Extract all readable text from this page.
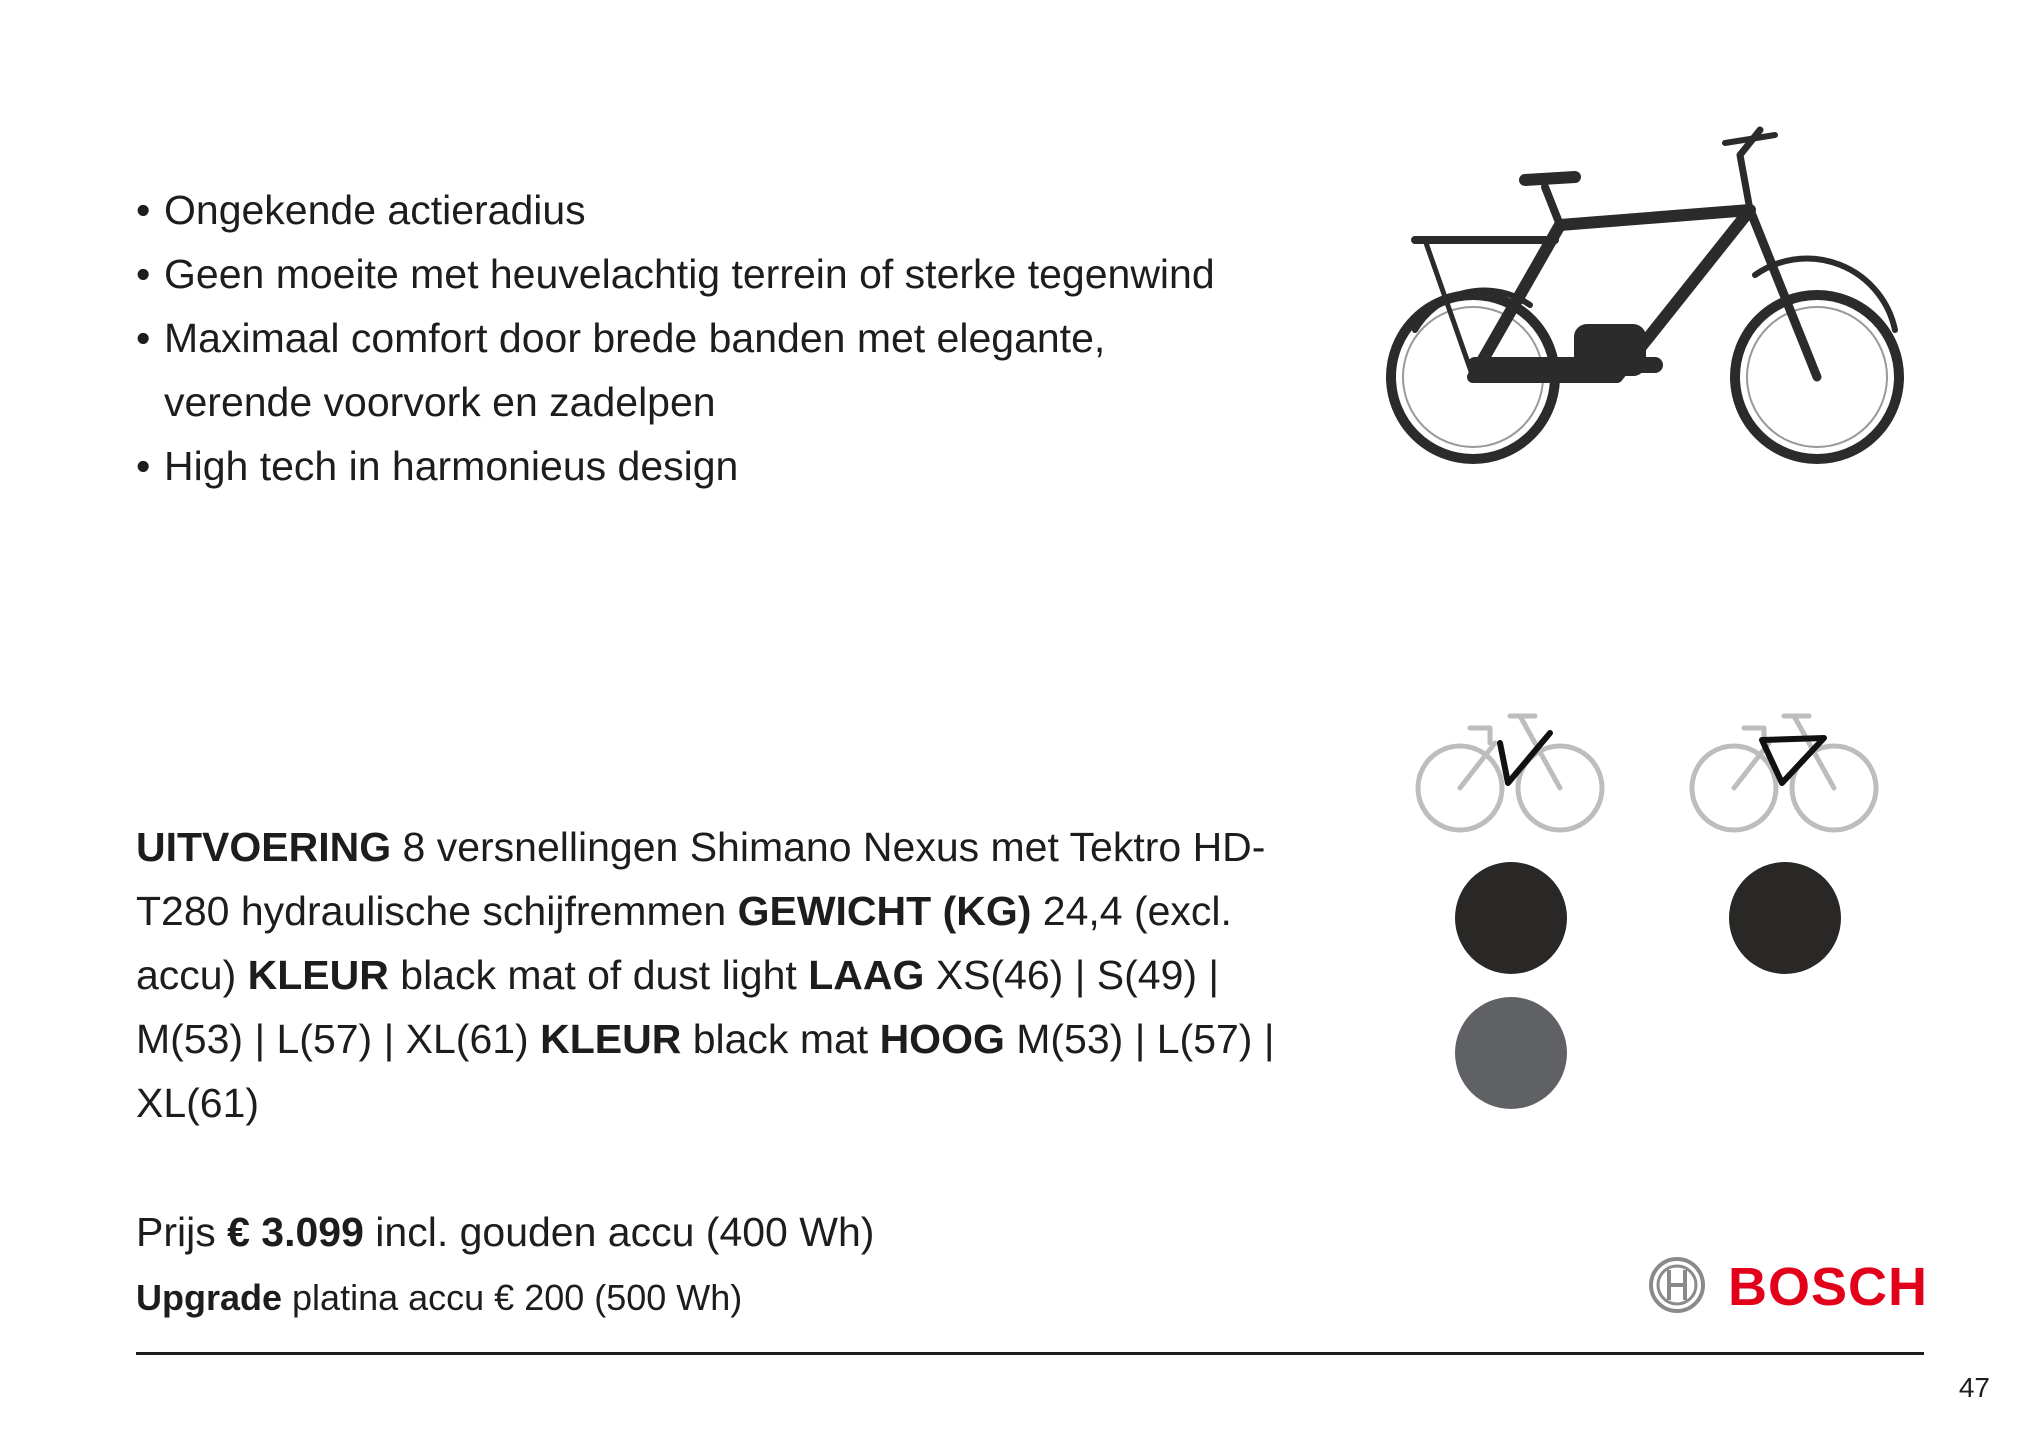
• Ongekende actieradius
• Geen moeite met heuvelachtig terrein of sterke tegenwind
• Maximaal comfort door brede banden met elegante, verende voorvork en zadelpen
• High tech in harmonieus design
UITVOERING 8 versnellingen Shimano Nexus met Tektro HD-T280 hydraulische schijfremmen GEWICHT (KG) 24,4 (excl. accu) KLEUR black mat of dust light LAAG XS(46) | S(49) | M(53) | L(57) | XL(61) KLEUR black mat HOOG M(53) | L(57) | XL(61)
Prijs € 3.099 incl. gouden accu (400 Wh)
Upgrade platina accu € 200 (500 Wh)
47
BOSCH
